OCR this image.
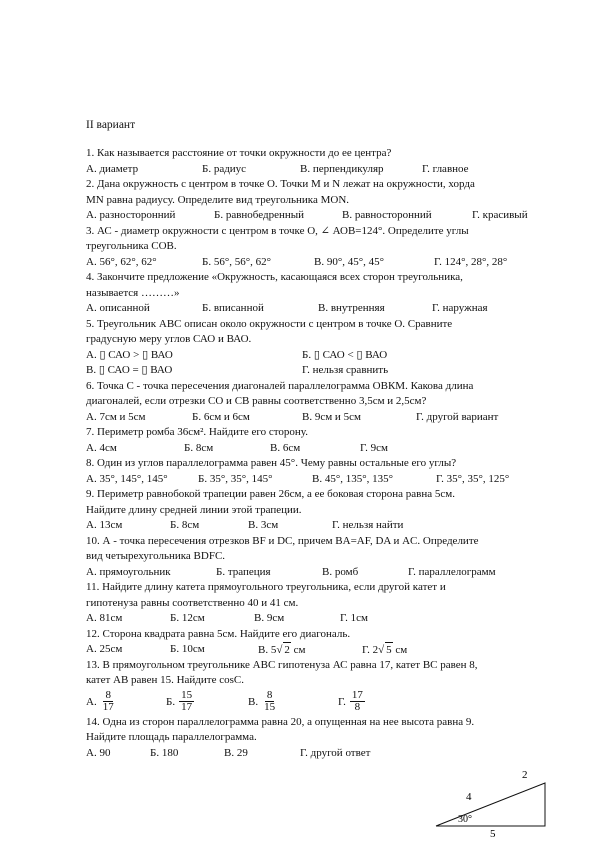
II вариант
1. Как называется расстояние от точки окружности до ее центра?
А. диаметр	Б. радиус	В. перпендикуляр	Г. главное
2. Дана окружность с центром в точке О. Точки M и N лежат на окружности, хорда
MN равна радиусу. Определите вид треугольника MON.
А. разносторонний	Б. равнобедренный	В. равносторонний	Г. красивый
3. АС - диаметр окружности с центром в точке О, ∠ АОВ=124°. Определите углы
треугольника СОВ.
А. 56°, 62°, 62°	Б. 56°, 56°, 62°	В. 90°, 45°, 45°	Г. 124°, 28°, 28°
4. Закончите предложение «Окружность, касающаяся всех сторон треугольника,
называется ………»
А. описанной	Б. вписанной	В. внутренняя	Г. наружная
5. Треугольник АВС описан около окружности с центром в точке О. Сравните
градусную меру углов САО и ВАО.
А. ▯ САО > ▯ ВАО	Б. ▯ САО < ▯ ВАО
В. ▯ САО = ▯ ВАО	Г. нельзя сравнить
6. Точка С - точка пересечения диагоналей параллелограмма ОВКМ. Какова длина
диагоналей, если отрезки СО и СВ равны соответственно 3,5см и 2,5см?
А. 7см и 5см	Б. 6см и 6см	В. 9см и 5см	Г. другой вариант
7. Периметр ромба 36см². Найдите его сторону.
А. 4см	Б. 8см	В. 6см	Г. 9см
8. Один из углов параллелограмма равен 45°. Чему равны остальные его углы?
А. 35°, 145°, 145°	Б. 35°, 35°, 145°	В. 45°, 135°, 135°	Г. 35°, 35°, 125°
9. Периметр равнобокой трапеции равен 26см, а ее боковая сторона равна 5см.
Найдите длину средней линии этой трапеции.
А. 13см	Б. 8см	В. 3см	Г. нельзя найти
10. А - точка пересечения отрезков BF и DC, причем BA=AF, DA и AC. Определите
вид четырехугольника BDFC.
А. прямоугольник	Б. трапеция	В. ромб	Г. параллелограмм
11. Найдите длину катета прямоугольного треугольника, если другой катет и
гипотенуза равны соответственно 40 и 41 см.
А. 81см	Б. 12см	В. 9см	Г. 1см
12. Сторона квадрата равна 5см. Найдите его диагональ.
А. 25см	Б. 10см	В. 5√ 2 см	Г. 2√ 5 см
13. В прямоугольном треугольнике АВС гипотенуза АС равна 17, катет ВС равен 8,
катет АВ равен 15. Найдите cosC.
А. $\frac{8}{17}$	Б. $\frac{15}{17}$	В. $\frac{8}{15}$	Г. $\frac{17}{8}$
14. Одна из сторон параллелограмма равна 20, а опущенная на нее высота равна 9.
Найдите площадь параллелограмма.
А. 90	Б. 180	В. 29	Г. другой ответ
2
4
30°
5
